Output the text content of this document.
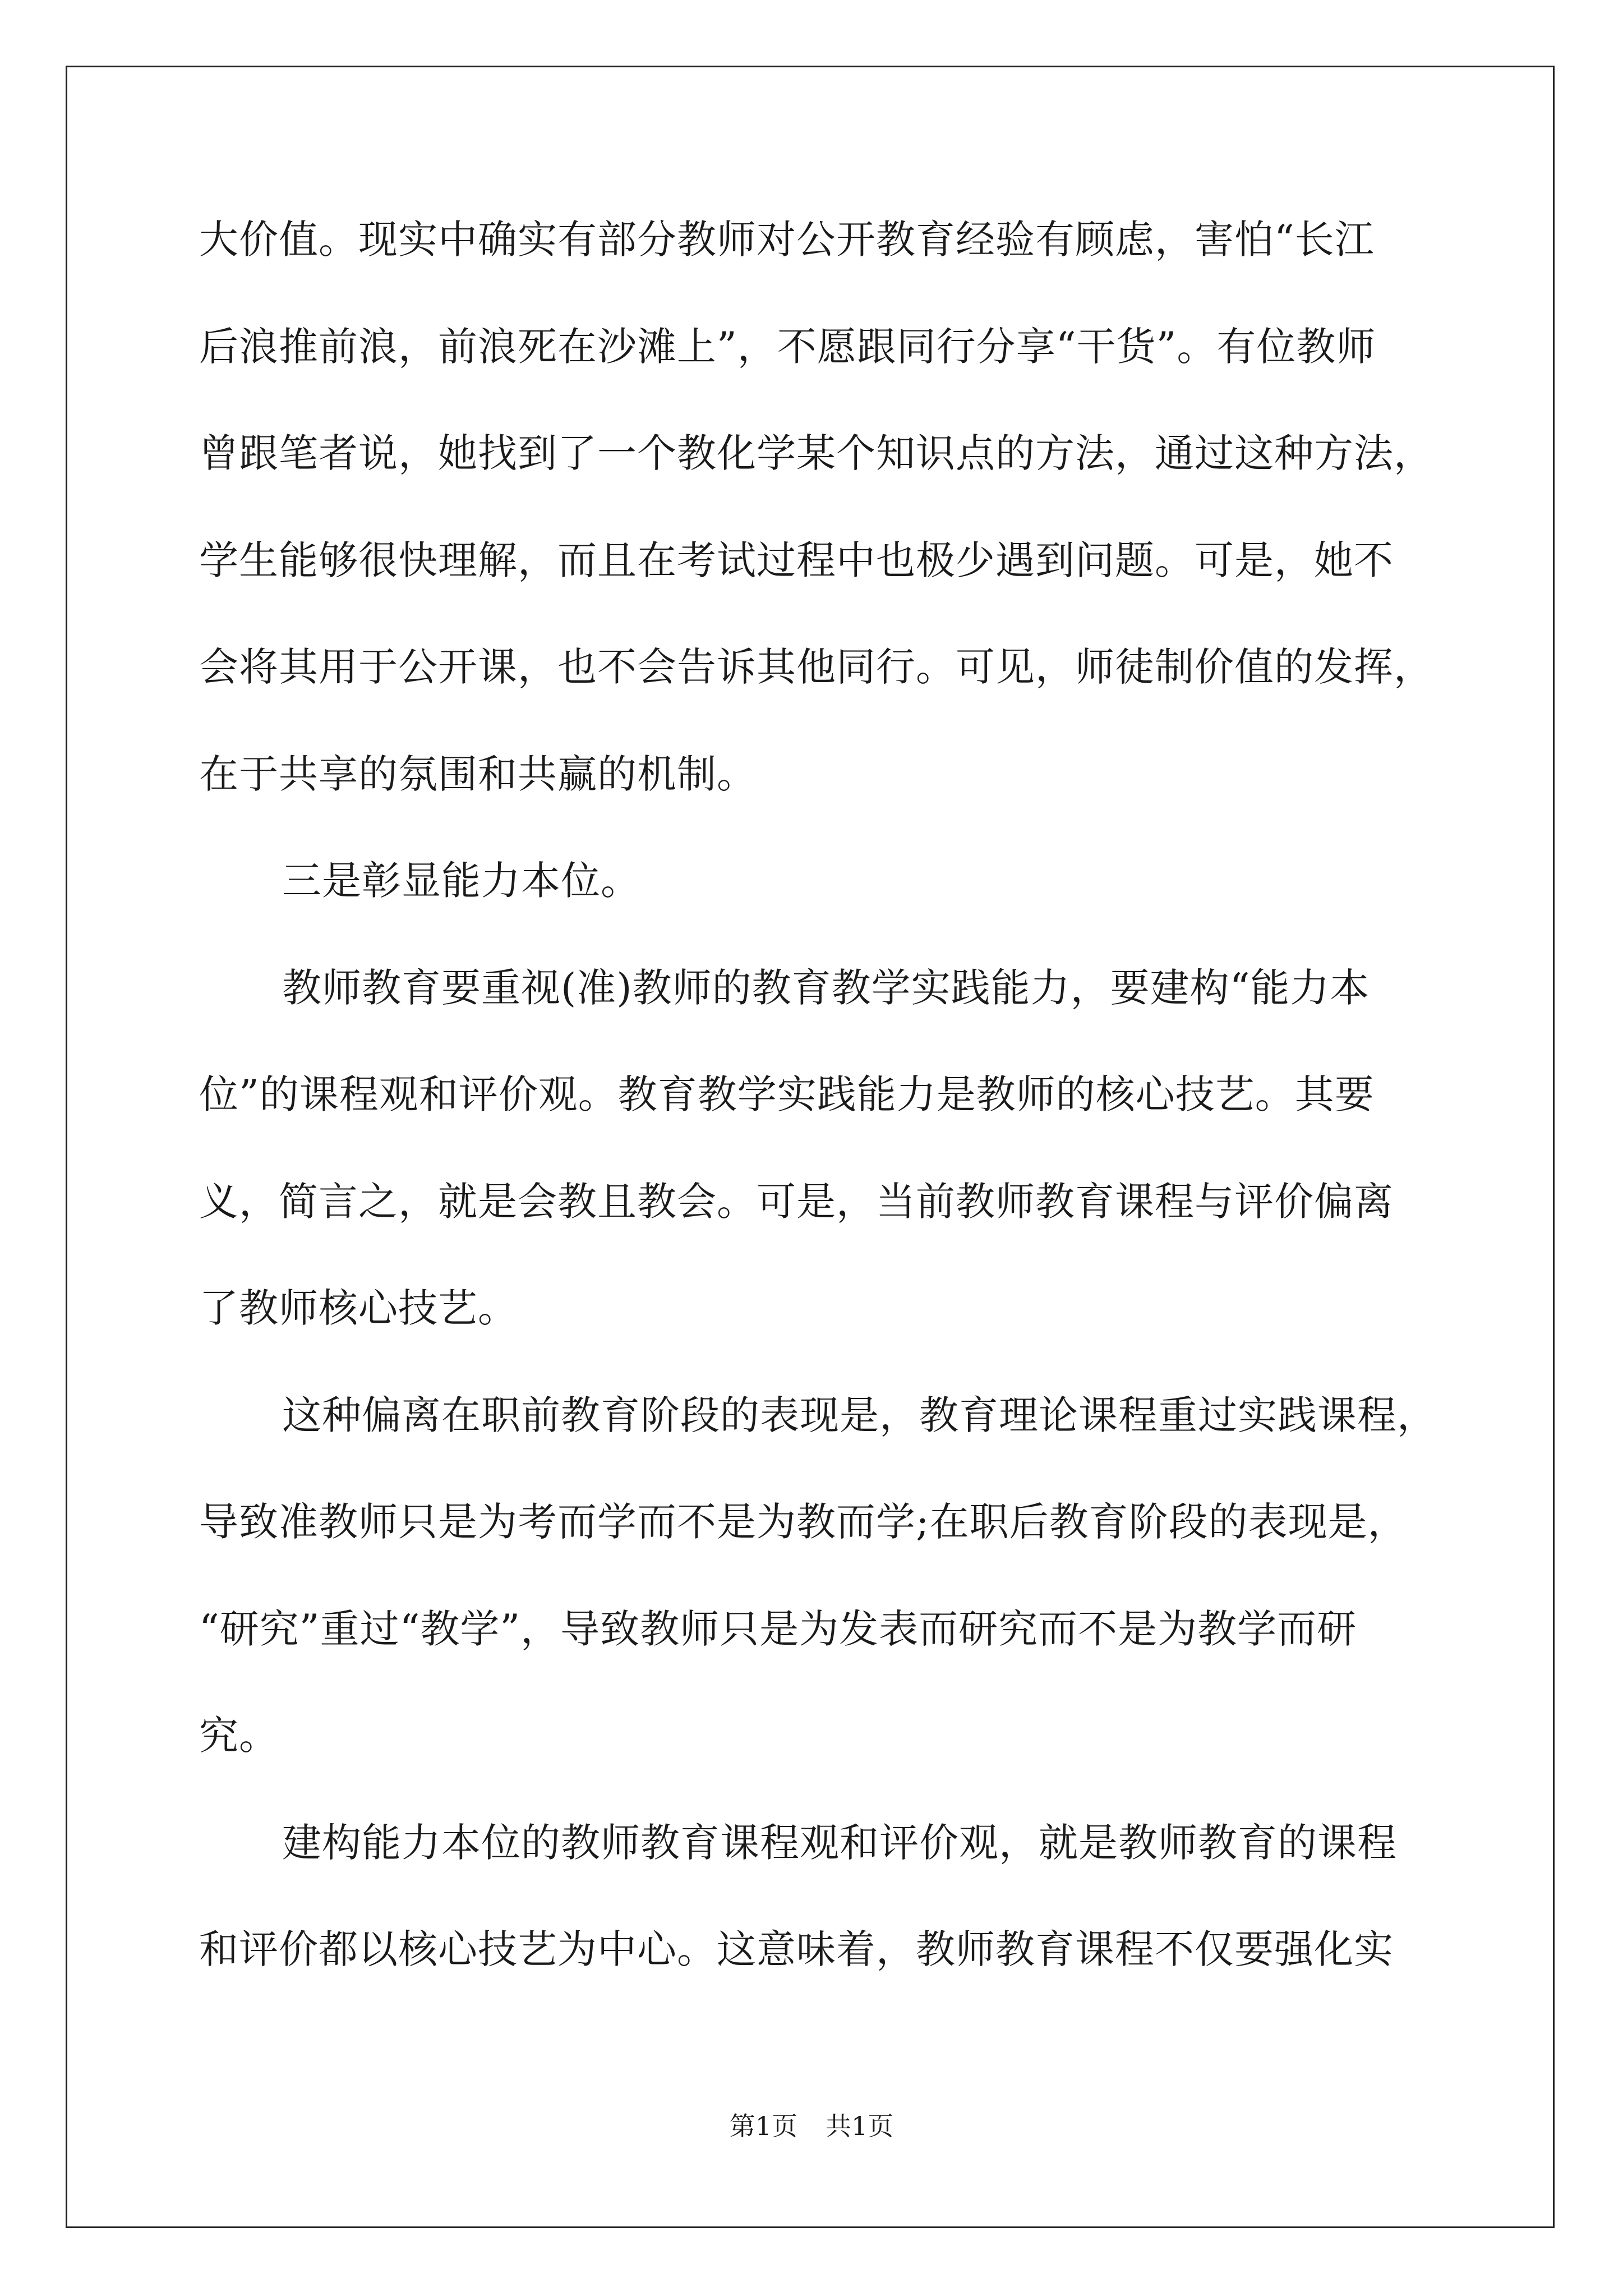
大价值。现实中确实有部分教师对公开教育经验有顾虑，害怕“长江
后浪推前浪，前浪死在沙滩上”，不愿跟同行分享“干货”。有位教师
曾跟笔者说，她找到了一个教化学某个知识点的方法，通过这种方法，
学生能够很快理解，而且在考试过程中也极少遇到问题。可是，她不
会将其用于公开课，也不会告诉其他同行。可见，师徒制价值的发挥，
在于共享的氛围和共赢的机制。
三是彰显能力本位。
教师教育要重视(准)教师的教育教学实践能力，要建构“能力本
位”的课程观和评价观。教育教学实践能力是教师的核心技艺。其要
义，简言之，就是会教且教会。可是，当前教师教育课程与评价偏离
了教师核心技艺。
这种偏离在职前教育阶段的表现是，教育理论课程重过实践课程，
导致准教师只是为考而学而不是为教而学;在职后教育阶段的表现是，
“研究”重过“教学”，导致教师只是为发表而研究而不是为教学而研
究。
建构能力本位的教师教育课程观和评价观，就是教师教育的课程
和评价都以核心技艺为中心。这意味着，教师教育课程不仅要强化实
第1页 共1页
